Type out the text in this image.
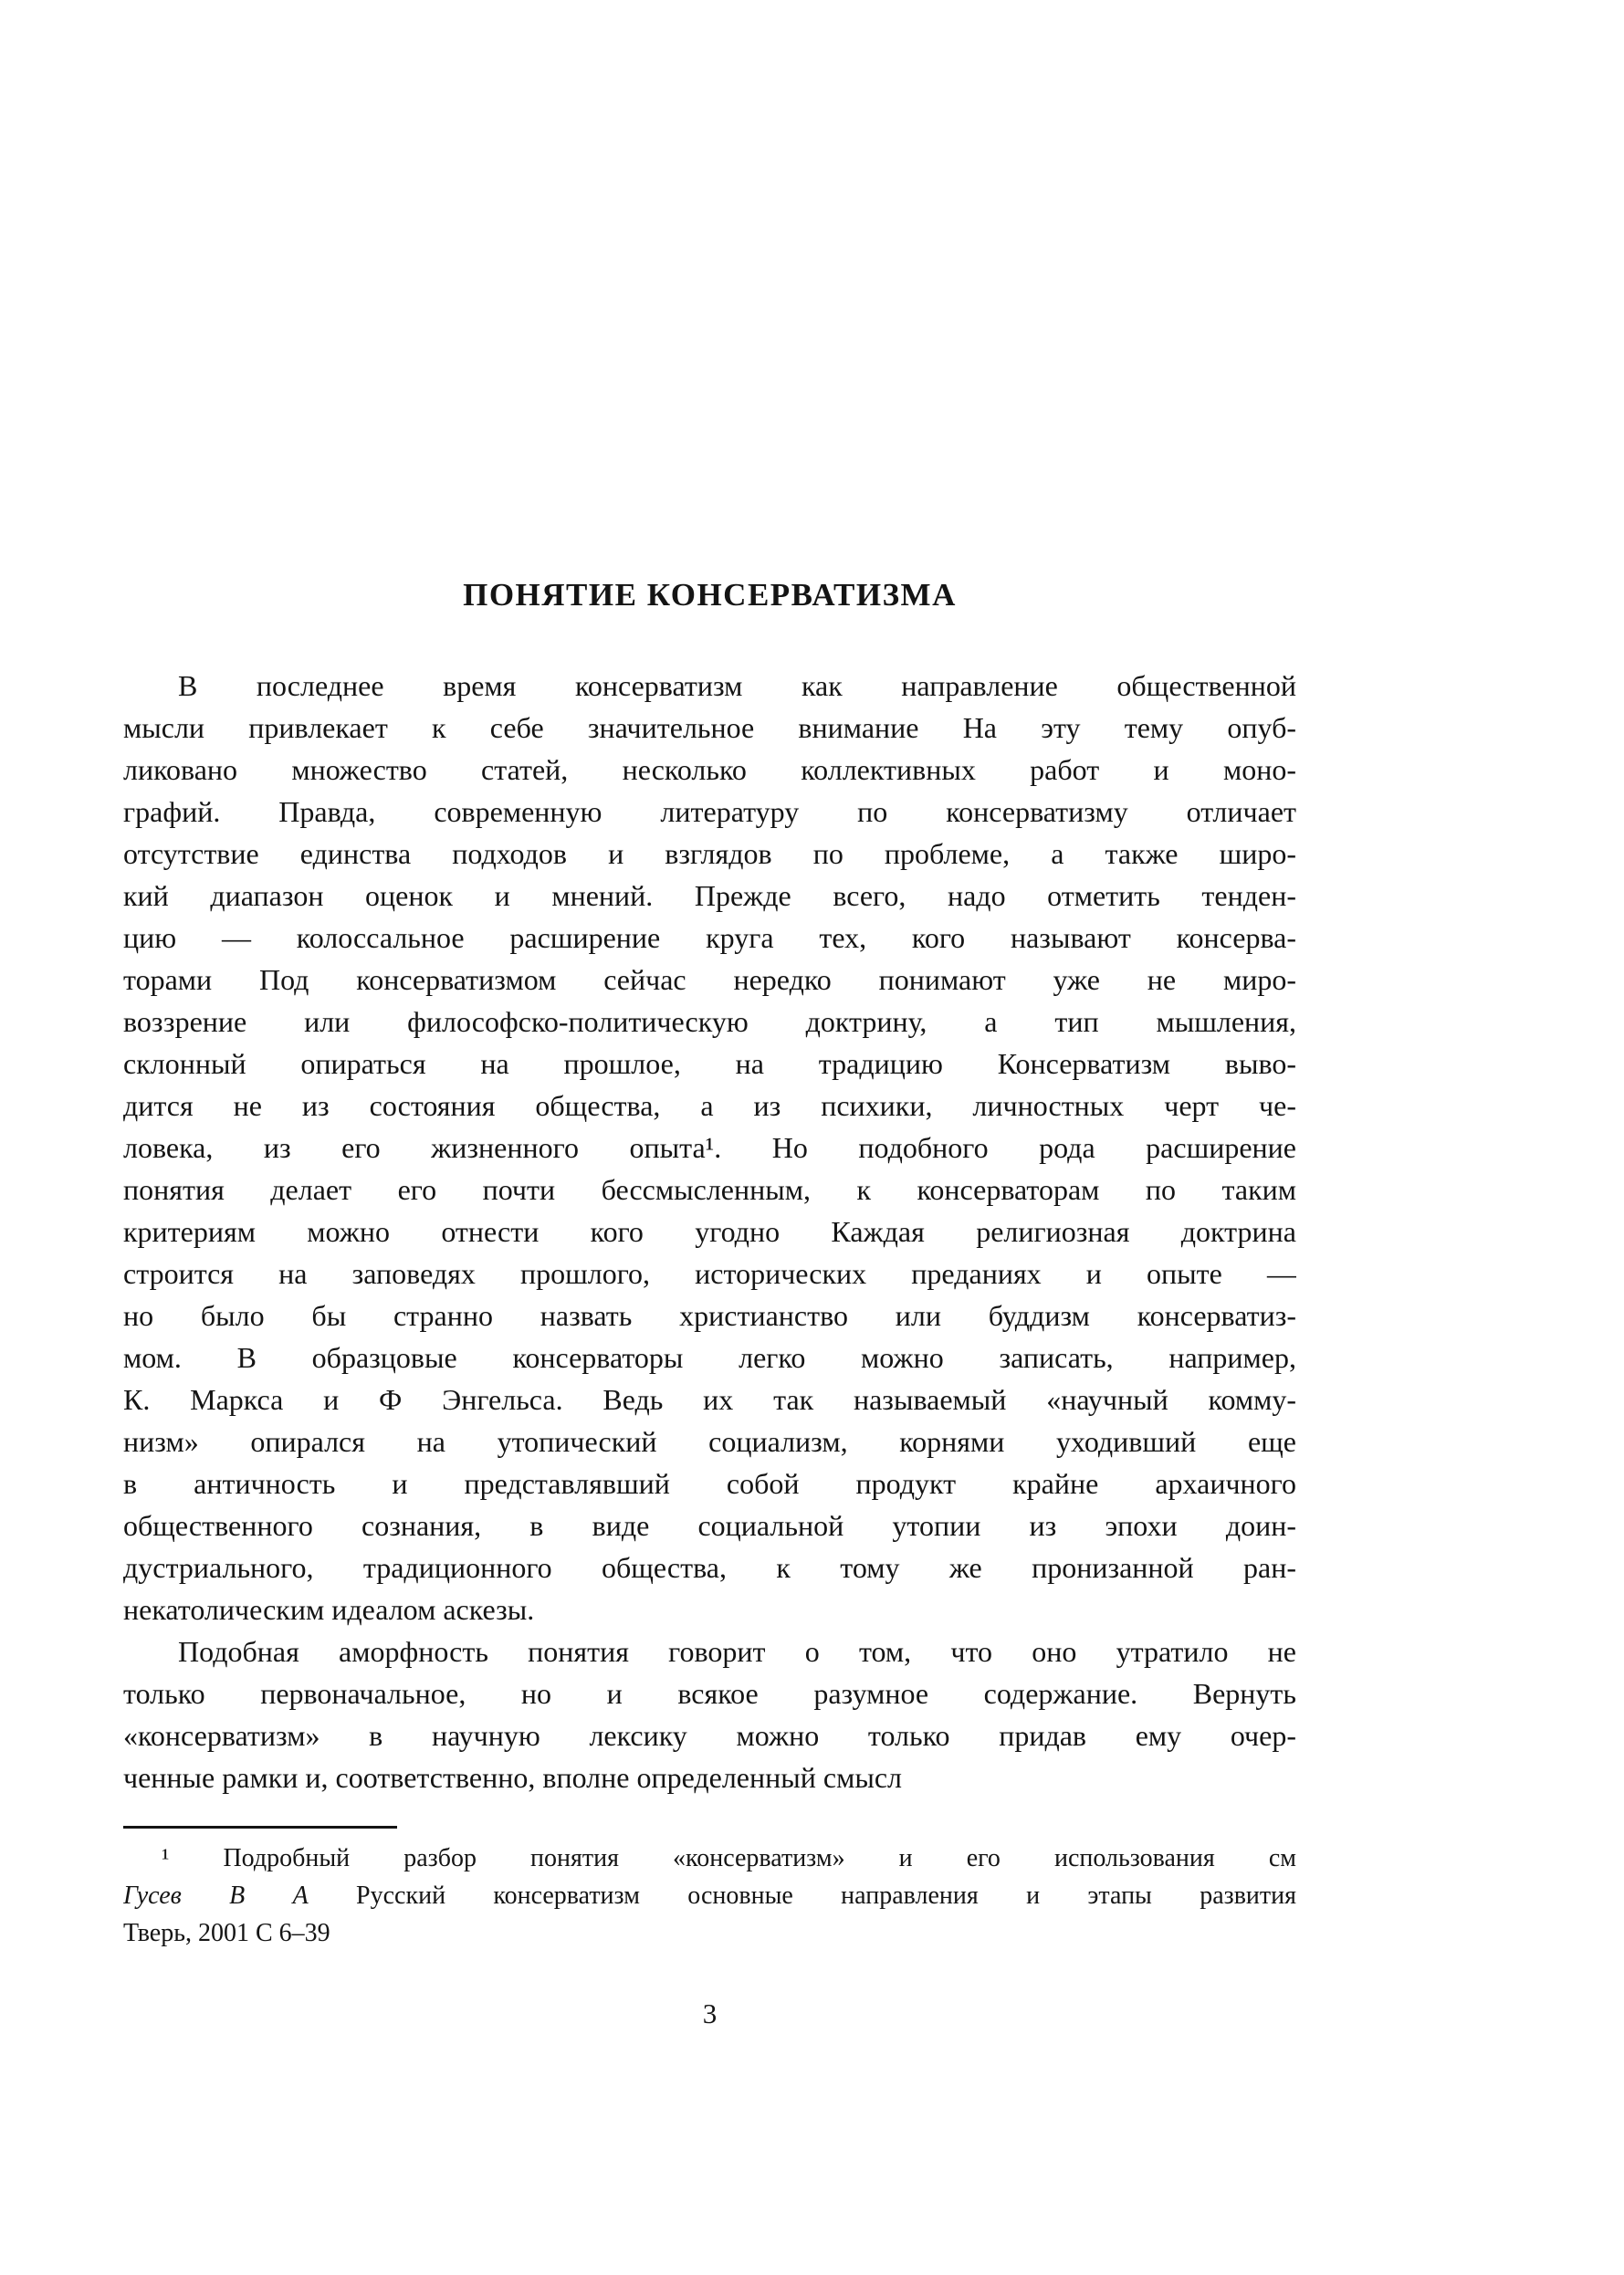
ПОНЯТИЕ КОНСЕРВАТИЗМА
В последнее время консерватизм как направление общественной
мысли привлекает к себе значительное внимание На эту тему опуб-
ликовано множество статей, несколько коллективных работ и моно-
графий. Правда, современную литературу по консерватизму отличает
отсутствие единства подходов и взглядов по проблеме, а также широ-
кий диапазон оценок и мнений. Прежде всего, надо отметить тенден-
цию — колоссальное расширение круга тех, кого называют консерва-
торами Под консерватизмом сейчас нередко понимают уже не миро-
воззрение или философско-политическую доктрину, а тип мышления,
склонный опираться на прошлое, на традицию Консерватизм выво-
дится не из состояния общества, а из психики, личностных черт че-
ловека, из его жизненного опыта¹. Но подобного рода расширение
понятия делает его почти бессмысленным, к консерваторам по таким
критериям можно отнести кого угодно Каждая религиозная доктрина
строится на заповедях прошлого, исторических преданиях и опыте —
но было бы странно назвать христианство или буддизм консерватиз-
мом. В образцовые консерваторы легко можно записать, например,
К. Маркса и Ф Энгельса. Ведь их так называемый «научный комму-
низм» опирался на утопический социализм, корнями уходивший еще
в античность и представлявший собой продукт крайне архаичного
общественного сознания, в виде социальной утопии из эпохи доин-
дустриального, традиционного общества, к тому же пронизанной ран-
некатолическим идеалом аскезы.
Подобная аморфность понятия говорит о том, что оно утратило не
только первоначальное, но и всякое разумное содержание. Вернуть
«консерватизм» в научную лексику можно только придав ему очер-
ченные рамки и, соответственно, вполне определенный смысл
¹ Подробный разбор понятия «консерватизм» и его использования см
Гусев В А Русский консерватизм основные направления и этапы развития
Тверь, 2001 С 6–39
3
